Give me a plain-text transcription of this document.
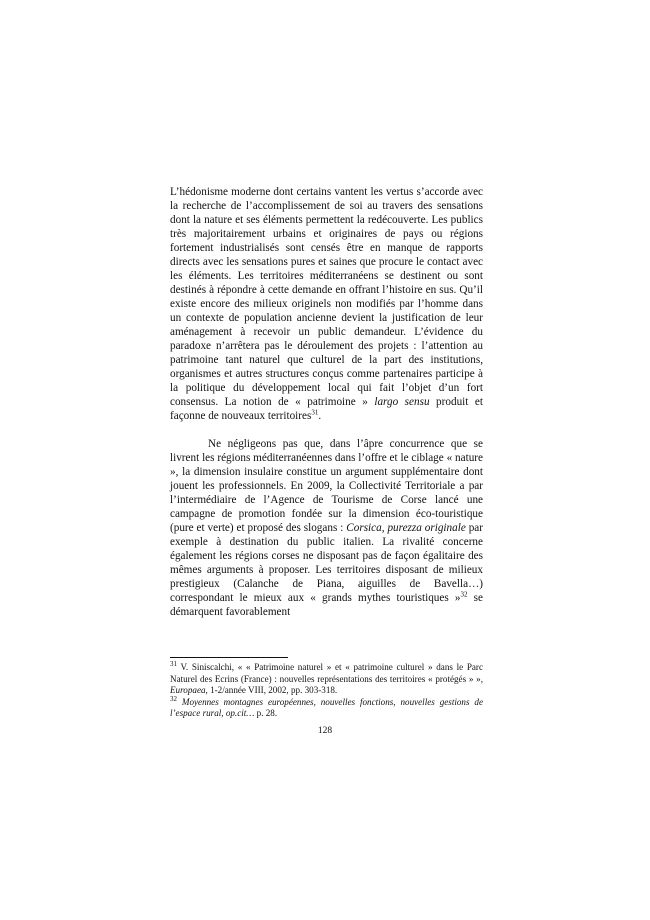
L’hédonisme moderne dont certains vantent les vertus s’accorde avec la recherche de l’accomplissement de soi au travers des sensations dont la nature et ses éléments permettent la redécouverte. Les publics très majoritairement urbains et originaires de pays ou régions fortement industrialisés sont censés être en manque de rapports directs avec les sensations pures et saines que procure le contact avec les éléments. Les territoires méditerranéens se destinent ou sont destinés à répondre à cette demande en offrant l’histoire en sus. Qu’il existe encore des milieux originels non modifiés par l’homme dans un contexte de population ancienne devient la justification de leur aménagement à recevoir un public demandeur. L’évidence du paradoxe n’arrêtera pas le déroulement des projets : l’attention au patrimoine tant naturel que culturel de la part des institutions, organismes et autres structures conçus comme partenaires participe à la politique du développement local qui fait l’objet d’un fort consensus. La notion de « patrimoine » largo sensu produit et façonne de nouveaux territoires$^{31}$.

Ne négligeons pas que, dans l’âpre concurrence que se livrent les régions méditerranéennes dans l’offre et le ciblage « nature », la dimension insulaire constitue un argument supplémentaire dont jouent les professionnels. En 2009, la Collectivité Territoriale a par l’intermédiaire de l’Agence de Tourisme de Corse lancé une campagne de promotion fondée sur la dimension éco-touristique (pure et verte) et proposé des slogans : Corsica, purezza originale par exemple à destination du public italien. La rivalité concerne également les régions corses ne disposant pas de façon égalitaire des mêmes arguments à proposer. Les territoires disposant de milieux prestigieux (Calanche de Piana, aiguilles de Bavella…) correspondant le mieux aux « grands mythes touristiques »$^{32}$ se démarquent favorablement

$^{31}$ V. Siniscalchi, « « Patrimoine naturel » et « patrimoine culturel » dans le Parc Naturel des Ecrins (France) : nouvelles représentations des territoires « protégés » », Europaea, 1-2/année VIII, 2002, pp. 303-318.

$^{32}$ Moyennes montagnes européennes, nouvelles fonctions, nouvelles gestions de l’espace rural, op.cit… p. 28.

128
